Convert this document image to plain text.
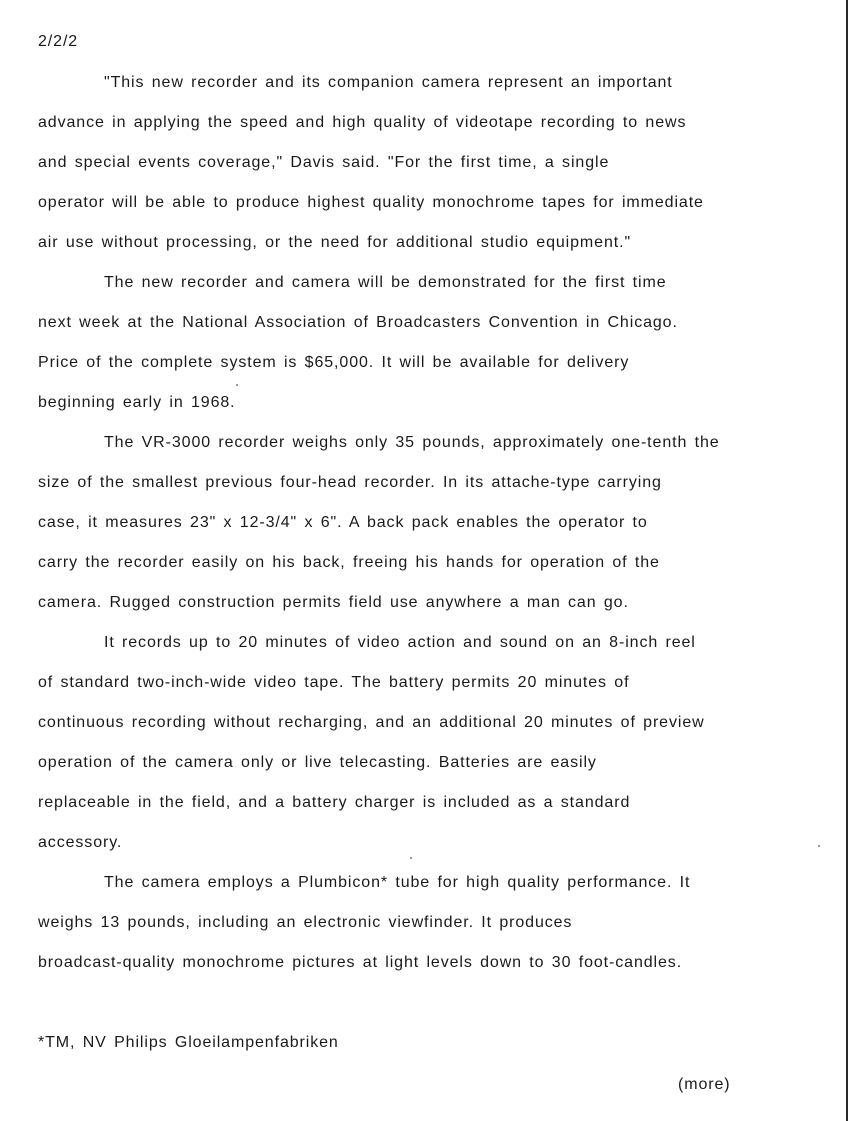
2/2/2
"This new recorder and its companion camera represent an important
advance in applying the speed and high quality of videotape recording to news
and special events coverage," Davis said. "For the first time, a single
operator will be able to produce highest quality monochrome tapes for immediate
air use without processing, or the need for additional studio equipment."
The new recorder and camera will be demonstrated for the first time
next week at the National Association of Broadcasters Convention in Chicago.
Price of the complete system is $65,000. It will be available for delivery
beginning early in 1968.
The VR-3000 recorder weighs only 35 pounds, approximately one-tenth the
size of the smallest previous four-head recorder. In its attache-type carrying
case, it measures 23" x 12-3/4" x 6". A back pack enables the operator to
carry the recorder easily on his back, freeing his hands for operation of the
camera. Rugged construction permits field use anywhere a man can go.
It records up to 20 minutes of video action and sound on an 8-inch reel
of standard two-inch-wide video tape. The battery permits 20 minutes of
continuous recording without recharging, and an additional 20 minutes of preview
operation of the camera only or live telecasting. Batteries are easily
replaceable in the field, and a battery charger is included as a standard
accessory.
The camera employs a Plumbicon* tube for high quality performance. It
weighs 13 pounds, including an electronic viewfinder. It produces
broadcast-quality monochrome pictures at light levels down to 30 foot-candles.
*TM, NV Philips Gloeilampenfabriken
(more)
